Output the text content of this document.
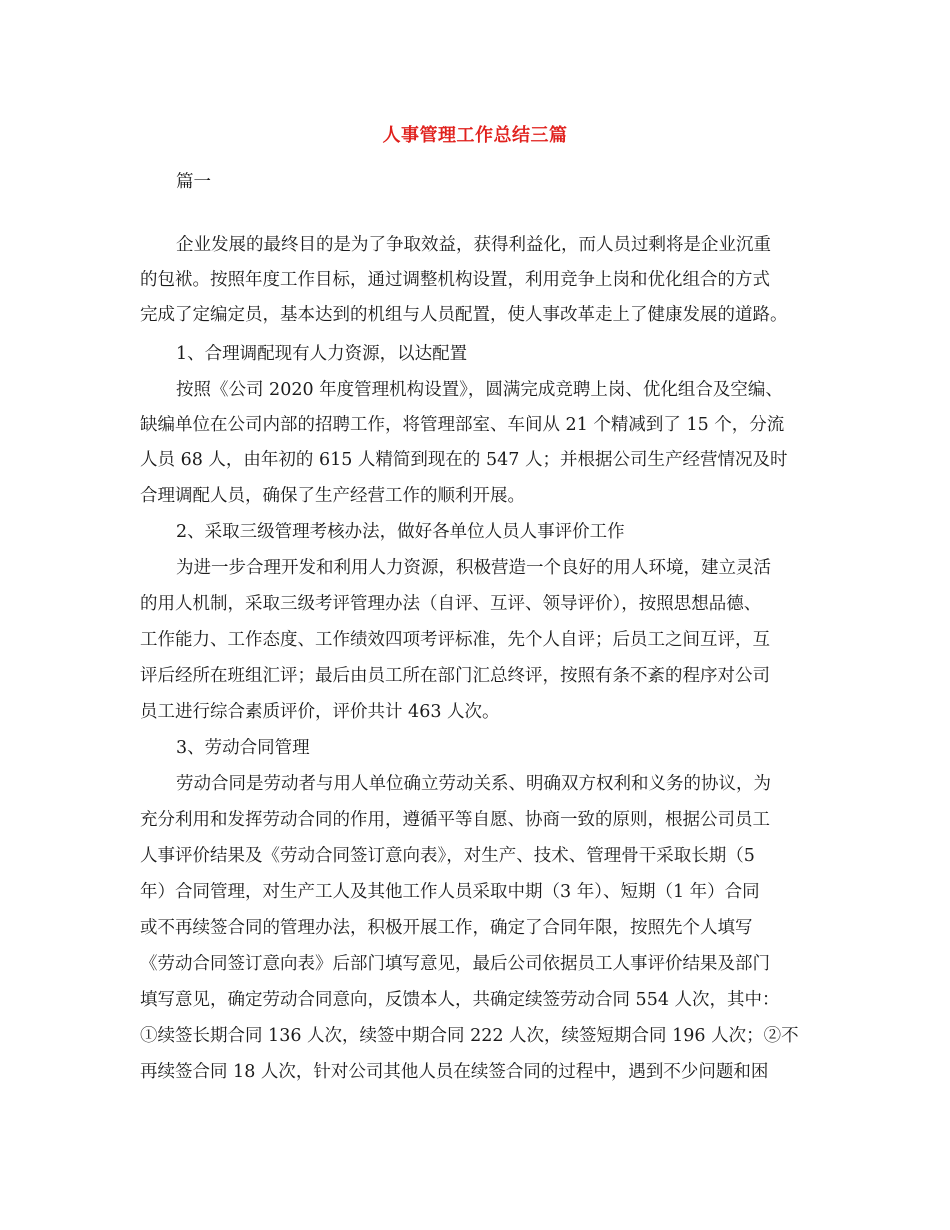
人事管理工作总结三篇
篇一
企业发展的最终目的是为了争取效益，获得利益化，而人员过剩将是企业沉重
的包袱。按照年度工作目标，通过调整机构设置，利用竞争上岗和优化组合的方式
完成了定编定员，基本达到的机组与人员配置，使人事改革走上了健康发展的道路。
1、合理调配现有人力资源，以达配置
按照《公司 2020 年度管理机构设置》，圆满完成竞聘上岗、优化组合及空编、
缺编单位在公司内部的招聘工作，将管理部室、车间从 21 个精减到了 15 个，分流
人员 68 人，由年初的 615 人精简到现在的 547 人；并根据公司生产经营情况及时
合理调配人员，确保了生产经营工作的顺利开展。
2、采取三级管理考核办法，做好各单位人员人事评价工作
为进一步合理开发和利用人力资源，积极营造一个良好的用人环境，建立灵活
的用人机制，采取三级考评管理办法（自评、互评、领导评价），按照思想品德、
工作能力、工作态度、工作绩效四项考评标准，先个人自评；后员工之间互评，互
评后经所在班组汇评；最后由员工所在部门汇总终评，按照有条不紊的程序对公司
员工进行综合素质评价，评价共计 463 人次。
3、劳动合同管理
劳动合同是劳动者与用人单位确立劳动关系、明确双方权利和义务的协议，为
充分利用和发挥劳动合同的作用，遵循平等自愿、协商一致的原则，根据公司员工
人事评价结果及《劳动合同签订意向表》，对生产、技术、管理骨干采取长期（5
年）合同管理，对生产工人及其他工作人员采取中期（3 年）、短期（1 年）合同
或不再续签合同的管理办法，积极开展工作，确定了合同年限，按照先个人填写
《劳动合同签订意向表》后部门填写意见，最后公司依据员工人事评价结果及部门
填写意见，确定劳动合同意向，反馈本人，共确定续签劳动合同 554 人次，其中：
①续签长期合同 136 人次，续签中期合同 222 人次，续签短期合同 196 人次；②不
再续签合同 18 人次，针对公司其他人员在续签合同的过程中，遇到不少问题和困
